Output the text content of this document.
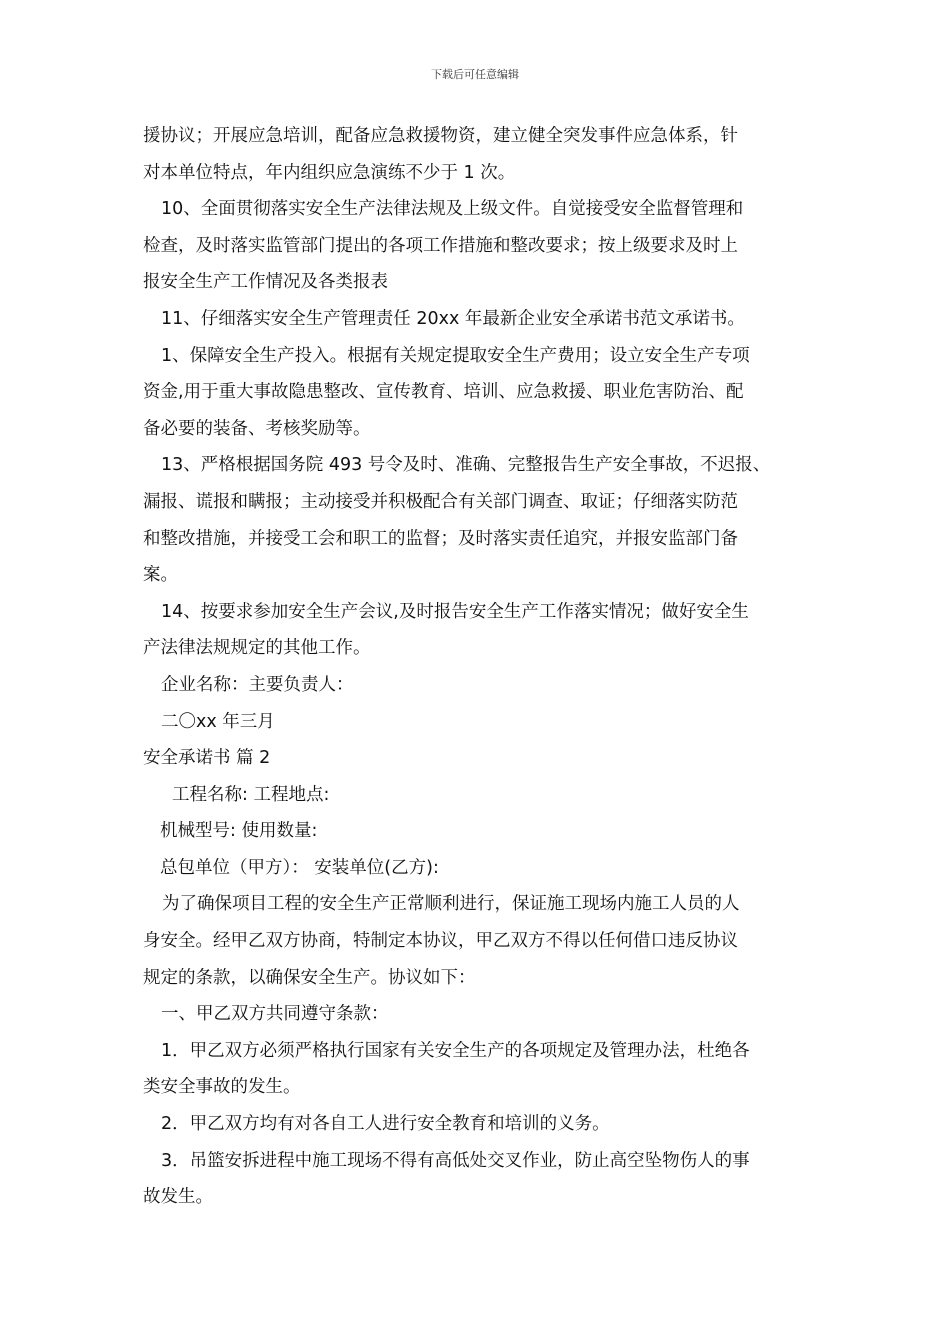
下载后可任意编辑
援协议；开展应急培训，配备应急救援物资，建立健全突发事件应急体系，针
对本单位特点，年内组织应急演练不少于 1 次。
10、全面贯彻落实安全生产法律法规及上级文件。自觉接受安全监督管理和
检查，及时落实监管部门提出的各项工作措施和整改要求；按上级要求及时上
报安全生产工作情况及各类报表
11、仔细落实安全生产管理责任 20xx 年最新企业安全承诺书范文承诺书。
1、保障安全生产投入。根据有关规定提取安全生产费用；设立安全生产专项
资金,用于重大事故隐患整改、宣传教育、培训、应急救援、职业危害防治、配
备必要的装备、考核奖励等。
13、严格根据国务院 493 号令及时、准确、完整报告生产安全事故，不迟报、
漏报、谎报和瞒报；主动接受并积极配合有关部门调查、取证；仔细落实防范
和整改措施，并接受工会和职工的监督；及时落实责任追究，并报安监部门备
案。
14、按要求参加安全生产会议,及时报告安全生产工作落实情况；做好安全生
产法律法规规定的其他工作。
企业名称：主要负责人：
二〇xx 年三月
安全承诺书 篇 2
工程名称: 工程地点:
机械型号: 使用数量:
总包单位（甲方）： 安装单位(乙方):
为了确保项目工程的安全生产正常顺利进行，保证施工现场内施工人员的人
身安全。经甲乙双方协商，特制定本协议，甲乙双方不得以任何借口违反协议
规定的条款，以确保安全生产。协议如下：
一、甲乙双方共同遵守条款：
1．甲乙双方必须严格执行国家有关安全生产的各项规定及管理办法，杜绝各
类安全事故的发生。
2．甲乙双方均有对各自工人进行安全教育和培训的义务。
3．吊篮安拆进程中施工现场不得有高低处交叉作业，防止高空坠物伤人的事
故发生。
